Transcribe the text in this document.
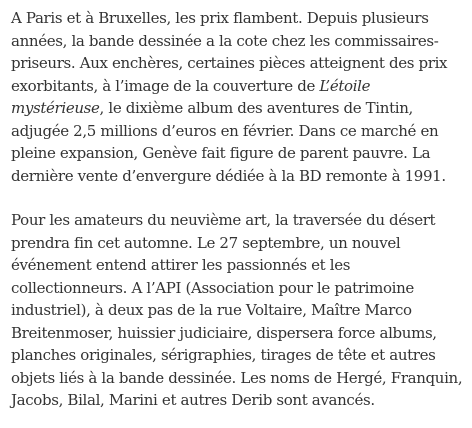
A Paris et à Bruxelles, les prix flambent. Depuis plusieurs années, la bande dessinée a la cote chez les commissaires-priseurs. Aux enchères, certaines pièces atteignent des prix exorbitants, à l’image de la couverture de L’étoile mystérieuse, le dixième album des aventures de Tintin, adjugée 2,5 millions d’euros en février. Dans ce marché en pleine expansion, Genève fait figure de parent pauvre. La dernière vente d’envergure dédiée à la BD remonte à 1991.

Pour les amateurs du neuvième art, la traversée du désert prendra fin cet automne. Le 27 septembre, un nouvel événement entend attirer les passionnés et les collectionneurs. A l’API (Association pour le patrimoine industriel), à deux pas de la rue Voltaire, Maître Marco Breitenmoser, huissier judiciaire, dispersera force albums, planches originales, sérigraphies, tirages de tête et autres objets liés à la bande dessinée. Les noms de Hergé, Franquin, Jacobs, Bilal, Marini et autres Derib sont avancés.
